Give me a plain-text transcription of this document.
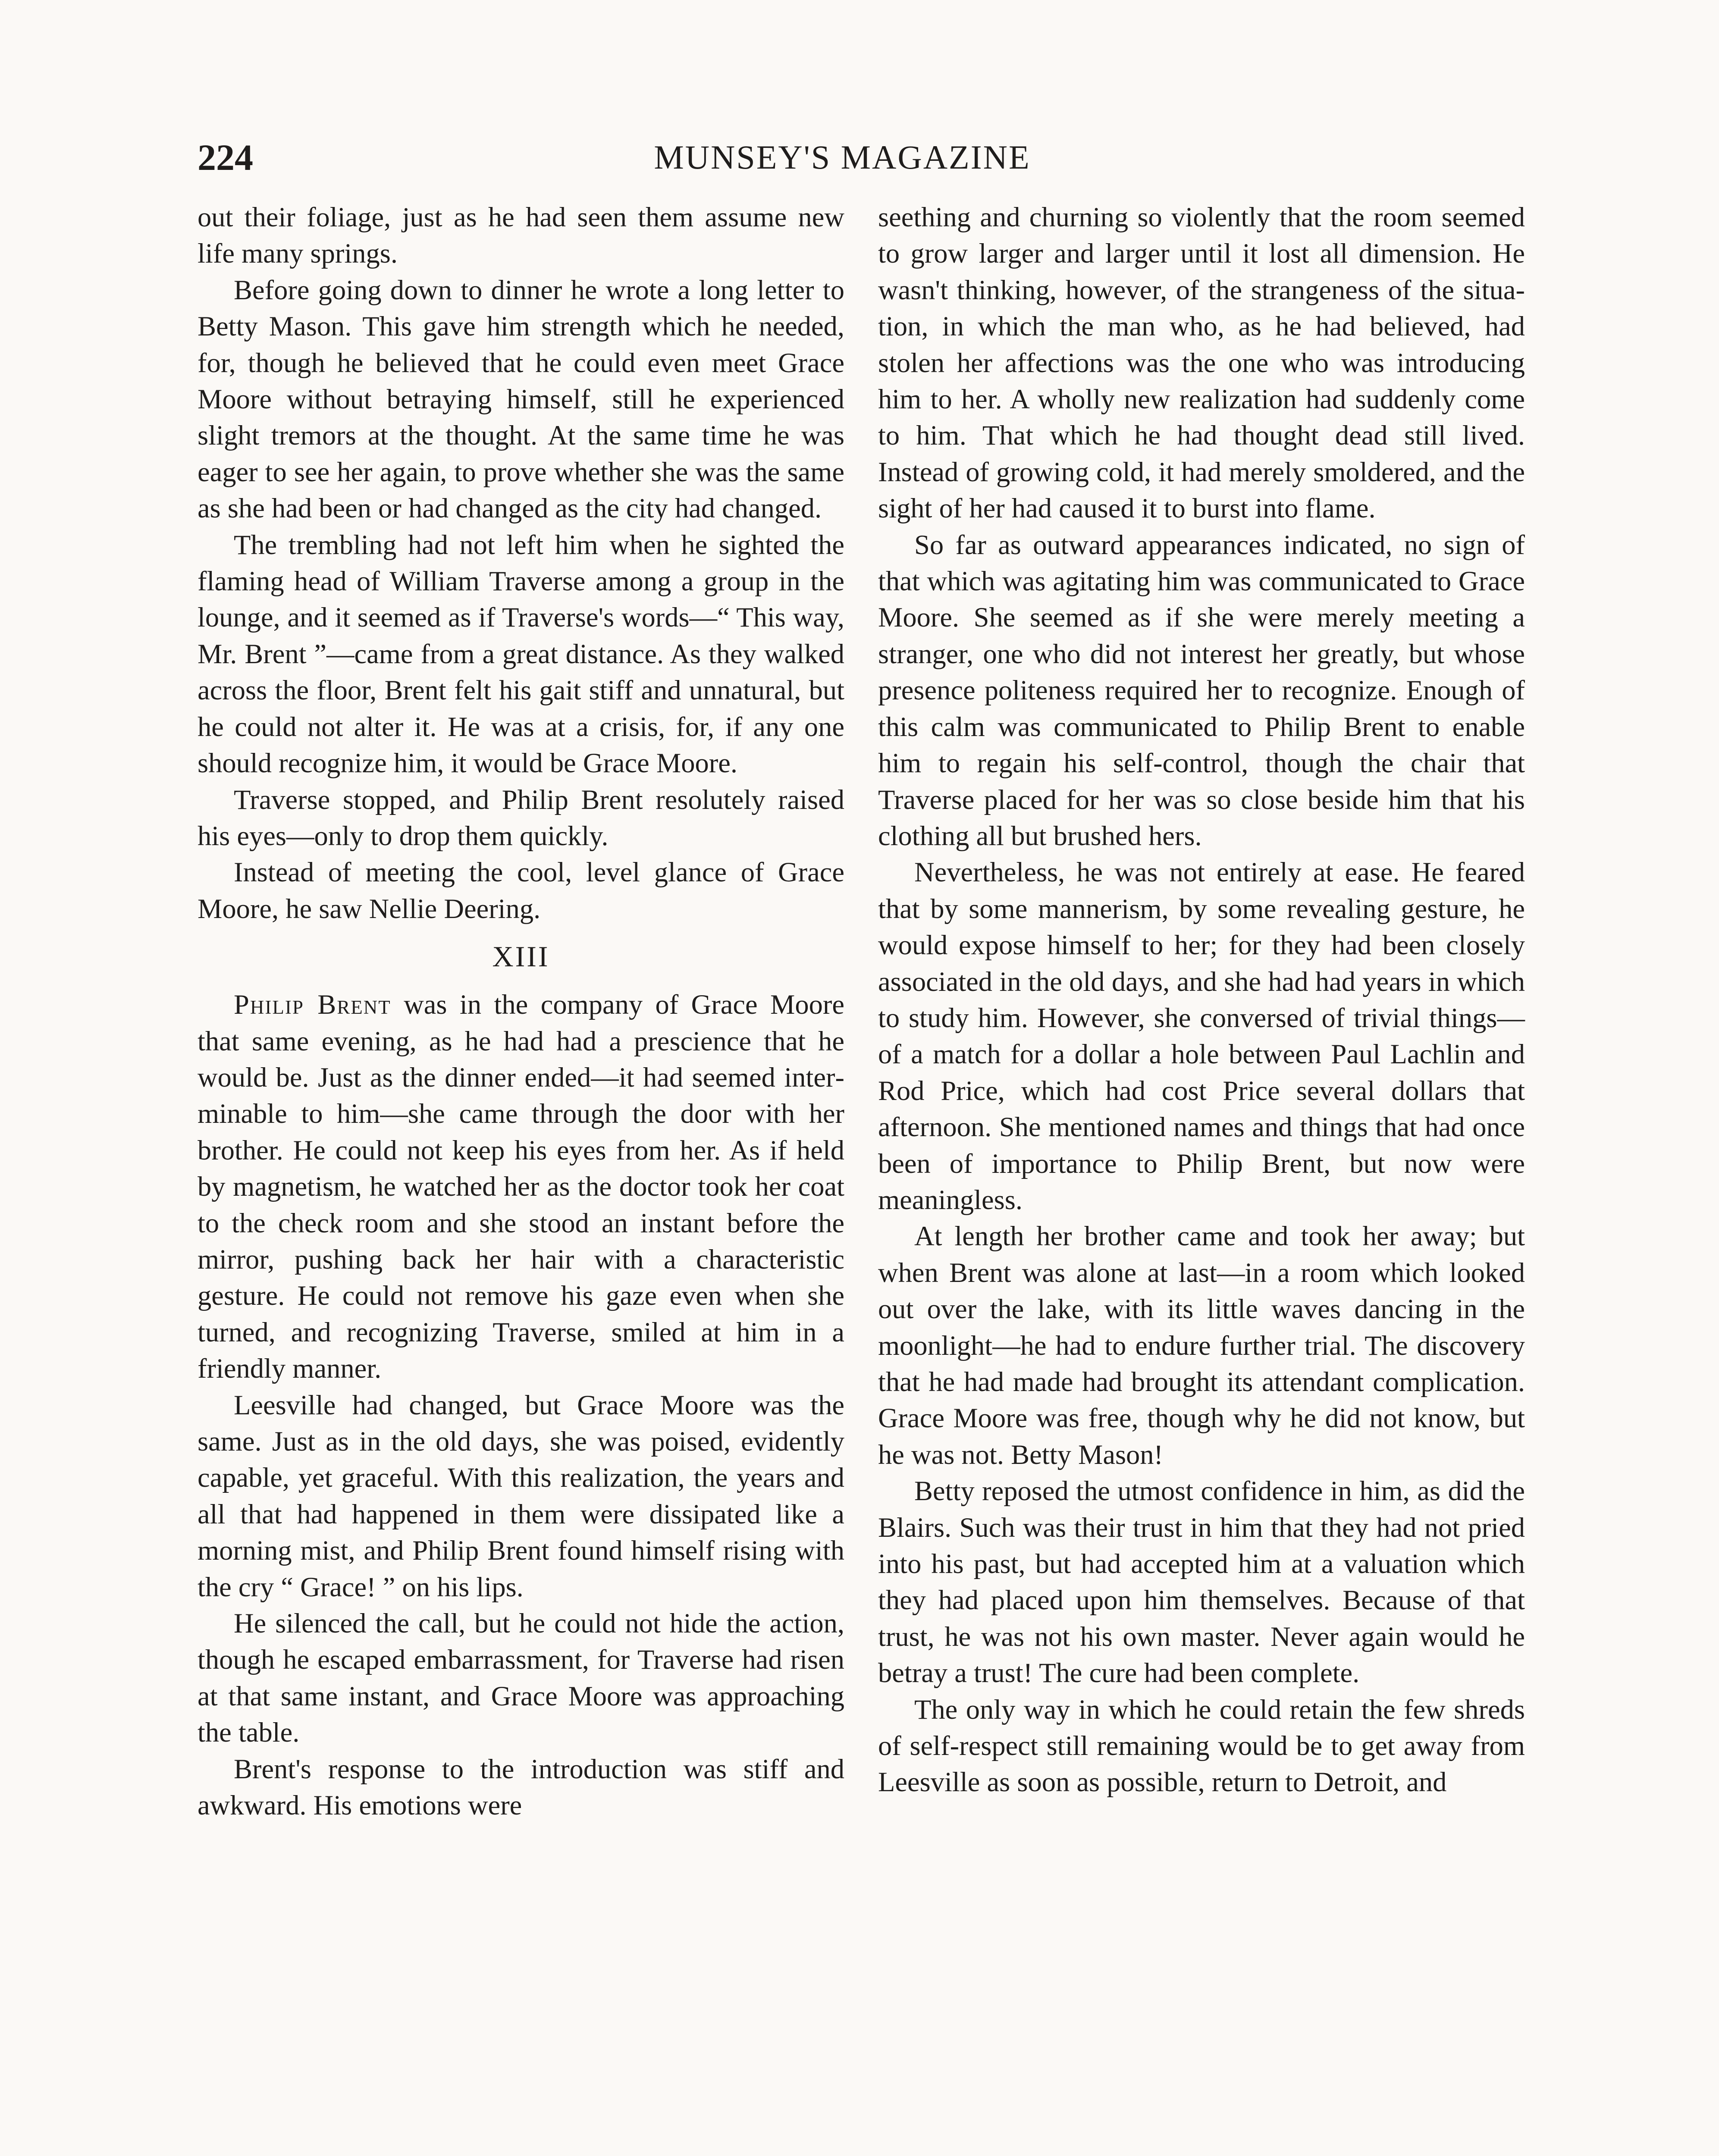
224	MUNSEY'S MAGAZINE

out their foliage, just as he had seen them assume new life many springs.

Before going down to dinner he wrote a long letter to Betty Mason. This gave him strength which he needed, for, though he believed that he could even meet Grace Moore without betraying himself, still he experienced slight tremors at the thought. At the same time he was eager to see her again, to prove whether she was the same as she had been or had changed as the city had changed.

The trembling had not left him when he sighted the flaming head of William Traverse among a group in the lounge, and it seemed as if Traverse's words—“ This way, Mr. Brent ”—came from a great distance. As they walked across the floor, Brent felt his gait stiff and unnatural, but he could not alter it. He was at a crisis, for, if any one should recognize him, it would be Grace Moore.

Traverse stopped, and Philip Brent resolutely raised his eyes—only to drop them quickly.

Instead of meeting the cool, level glance of Grace Moore, he saw Nellie Deering.

XIII

Philip Brent was in the company of Grace Moore that same evening, as he had had a prescience that he would be. Just as the dinner ended—it had seemed interminable to him—she came through the door with her brother. He could not keep his eyes from her. As if held by magnetism, he watched her as the doctor took her coat to the check room and she stood an instant before the mirror, pushing back her hair with a characteristic gesture. He could not remove his gaze even when she turned, and recognizing Traverse, smiled at him in a friendly manner.

Leesville had changed, but Grace Moore was the same. Just as in the old days, she was poised, evidently capable, yet graceful. With this realization, the years and all that had happened in them were dissipated like a morning mist, and Philip Brent found himself rising with the cry “ Grace! ” on his lips.

He silenced the call, but he could not hide the action, though he escaped embarrassment, for Traverse had risen at that same instant, and Grace Moore was approaching the table.

Brent's response to the introduction was stiff and awkward. His emotions were

seething and churning so violently that the room seemed to grow larger and larger until it lost all dimension. He wasn't thinking, however, of the strangeness of the situation, in which the man who, as he had believed, had stolen her affections was the one who was introducing him to her. A wholly new realization had suddenly come to him. That which he had thought dead still lived. Instead of growing cold, it had merely smoldered, and the sight of her had caused it to burst into flame.

So far as outward appearances indicated, no sign of that which was agitating him was communicated to Grace Moore. She seemed as if she were merely meeting a stranger, one who did not interest her greatly, but whose presence politeness required her to recognize. Enough of this calm was communicated to Philip Brent to enable him to regain his self-control, though the chair that Traverse placed for her was so close beside him that his clothing all but brushed hers.

Nevertheless, he was not entirely at ease. He feared that by some mannerism, by some revealing gesture, he would expose himself to her; for they had been closely associated in the old days, and she had had years in which to study him. However, she conversed of trivial things—of a match for a dollar a hole between Paul Lachlin and Rod Price, which had cost Price several dollars that afternoon. She mentioned names and things that had once been of importance to Philip Brent, but now were meaningless.

At length her brother came and took her away; but when Brent was alone at last—in a room which looked out over the lake, with its little waves dancing in the moonlight—he had to endure further trial. The discovery that he had made had brought its attendant complication. Grace Moore was free, though why he did not know, but he was not. Betty Mason!

Betty reposed the utmost confidence in him, as did the Blairs. Such was their trust in him that they had not pried into his past, but had accepted him at a valuation which they had placed upon him themselves. Because of that trust, he was not his own master. Never again would he betray a trust! The cure had been complete.

The only way in which he could retain the few shreds of self-respect still remaining would be to get away from Leesville as soon as possible, return to Detroit, and
